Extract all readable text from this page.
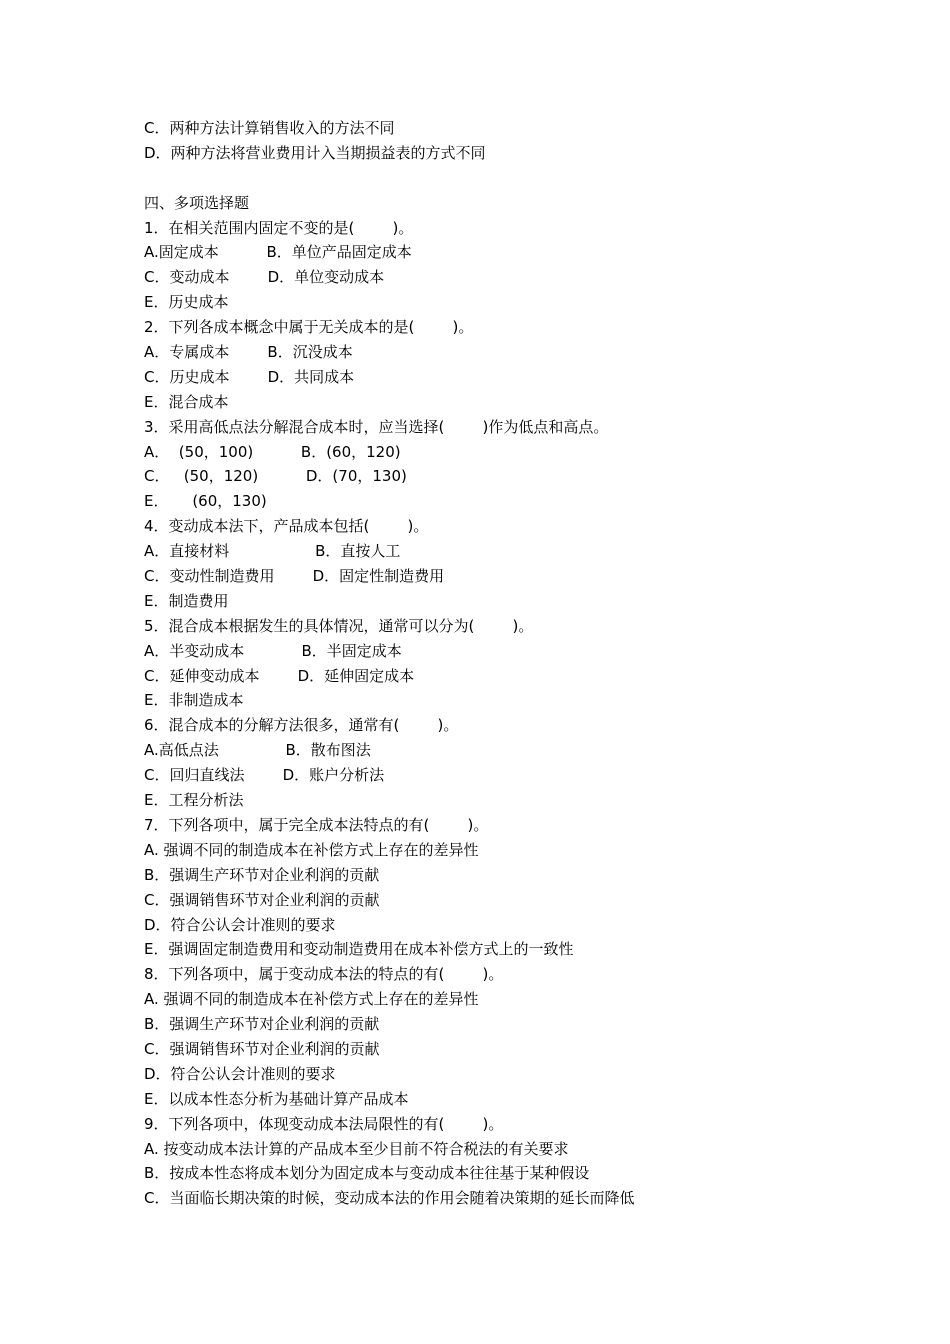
C．两种方法计算销售收入的方法不同
D．两种方法将营业费用计入当期损益表的方式不同
四、多项选择题
1．在相关范围内固定不变的是(        )。
A.固定成本          B．单位产品固定成本
C．变动成本        D．单位变动成本
E．历史成本
2．下列各成本概念中属于无关成本的是(        )。
A．专属成本        B．沉没成本
C．历史成本        D．共同成本
E．混合成本
3．采用高低点法分解混合成本时，应当选择(        )作为低点和高点。
A．  (50，100)          B．(60，120)
C．   (50，120)          D．(70，130)
E．     (60，130)
4．变动成本法下，产品成本包括(        )。
A．直接材料                  B．直按人工
C．变动性制造费用        D．固定性制造费用
E．制造费用
5．混合成本根据发生的具体情况，通常可以分为(        )。
A．半变动成本            B．半固定成本
C．延伸变动成本        D．延伸固定成本
E．非制造成本
6．混合成本的分解方法很多，通常有(        )。
A.高低点法              B．散布图法
C．回归直线法        D．账户分析法
E．工程分析法
7．下列各项中，属于完全成本法特点的有(        )。
A. 强调不同的制造成本在补偿方式上存在的差异性
B．强调生产环节对企业利润的贡献
C．强调销售环节对企业利润的贡献
D．符合公认会计准则的要求
E．强调固定制造费用和变动制造费用在成本补偿方式上的一致性
8．下列各项中，属于变动成本法的特点的有(        )。
A. 强调不同的制造成本在补偿方式上存在的差异性
B．强调生产环节对企业利润的贡献
C．强调销售环节对企业利润的贡献
D．符合公认会计准则的要求
E．以成本性态分析为基础计算产品成本
9．下列各项中，体现变动成本法局限性的有(        )。
A. 按变动成本法计算的产品成本至少目前不符合税法的有关要求
B．按成本性态将成本划分为固定成本与变动成本往往基于某种假设
C．当面临长期决策的时候，变动成本法的作用会随着决策期的延长而降低
